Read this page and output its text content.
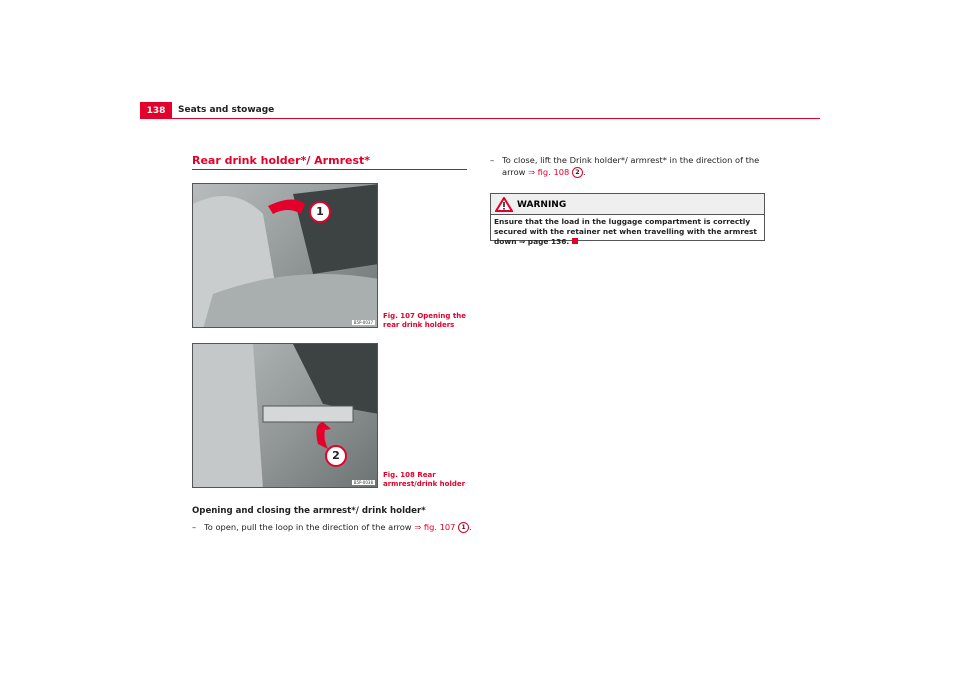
138	Seats and stowage
Rear drink holder*/ Armrest*
1
B5P-0037
Fig. 107 Opening the rear drink holders
2
B5P-0038
Fig. 108 Rear armrest/drink holder
Opening and closing the armrest*/ drink holder*
– To open, pull the loop in the direction of the arrow ⇒ fig. 107 1 .
– To close, lift the Drink holder*/ armrest* in the direction of the
arrow ⇒ fig. 108 2 .
WARNING
Ensure that the load in the luggage compartment is correctly secured with the retainer net when travelling with the armrest down ⇒ page 136.
